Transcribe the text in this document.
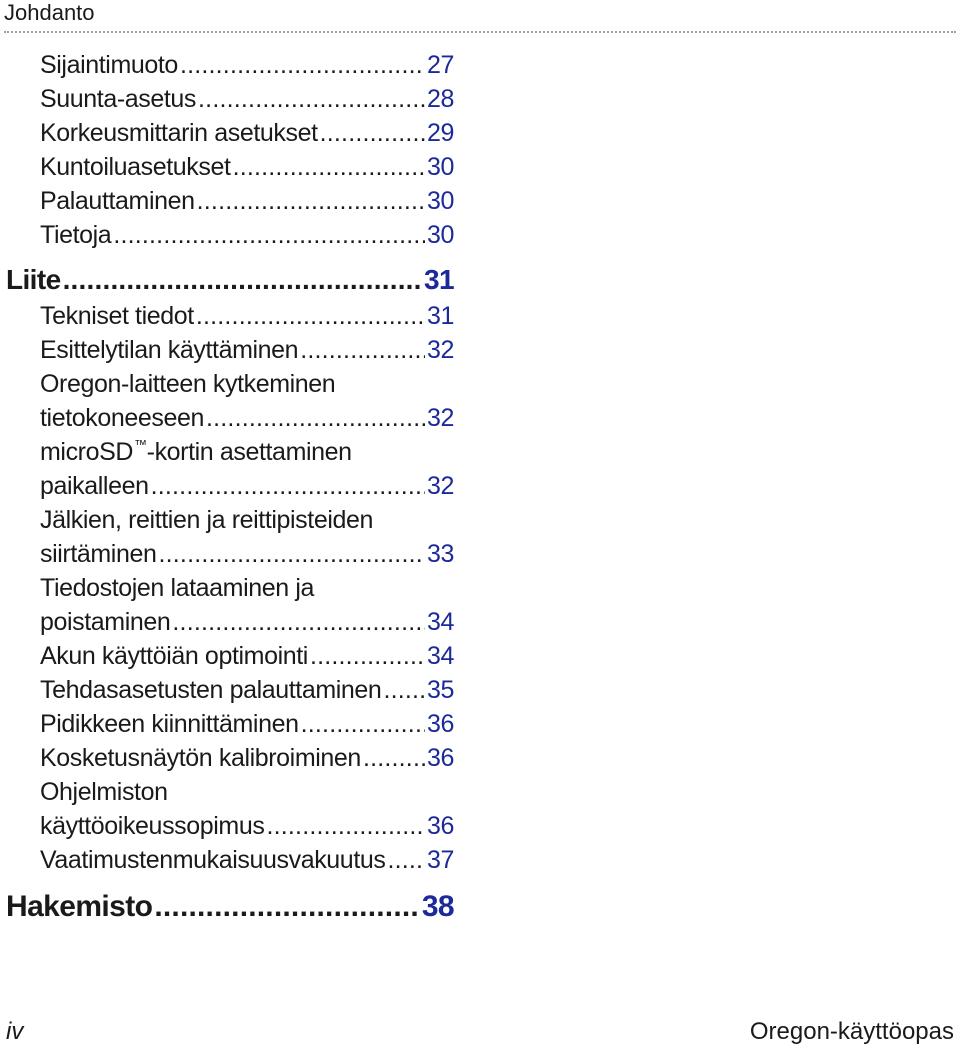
Johdanto
Sijaintimuoto .....	27
Suunta-asetus .....	28
Korkeusmittarin asetukset .....	29
Kuntoiluasetukset .....	30
Palauttaminen .....	30
Tietoja .....	30
Liite .....	31
Tekniset tiedot .....	31
Esittelytilan käyttäminen .....	32
Oregon-laitteen kytkeminen
tietokoneeseen .....	32
microSD™-kortin asettaminen
paikalleen .....	32
Jälkien, reittien ja reittipisteiden
siirtäminen .....	33
Tiedostojen lataaminen ja
poistaminen .....	34
Akun käyttöiän optimointi .....	34
Tehdasasetusten palauttaminen ..... 35
Pidikkeen kiinnittäminen .....	36
Kosketusnäytön kalibroiminen .....	36
Ohjelmiston
käyttöoikeussopimus .....	36
Vaatimustenmukaisuusvakuutus ..... 37
Hakemisto .....	38
iv	Oregon-käyttöopas
